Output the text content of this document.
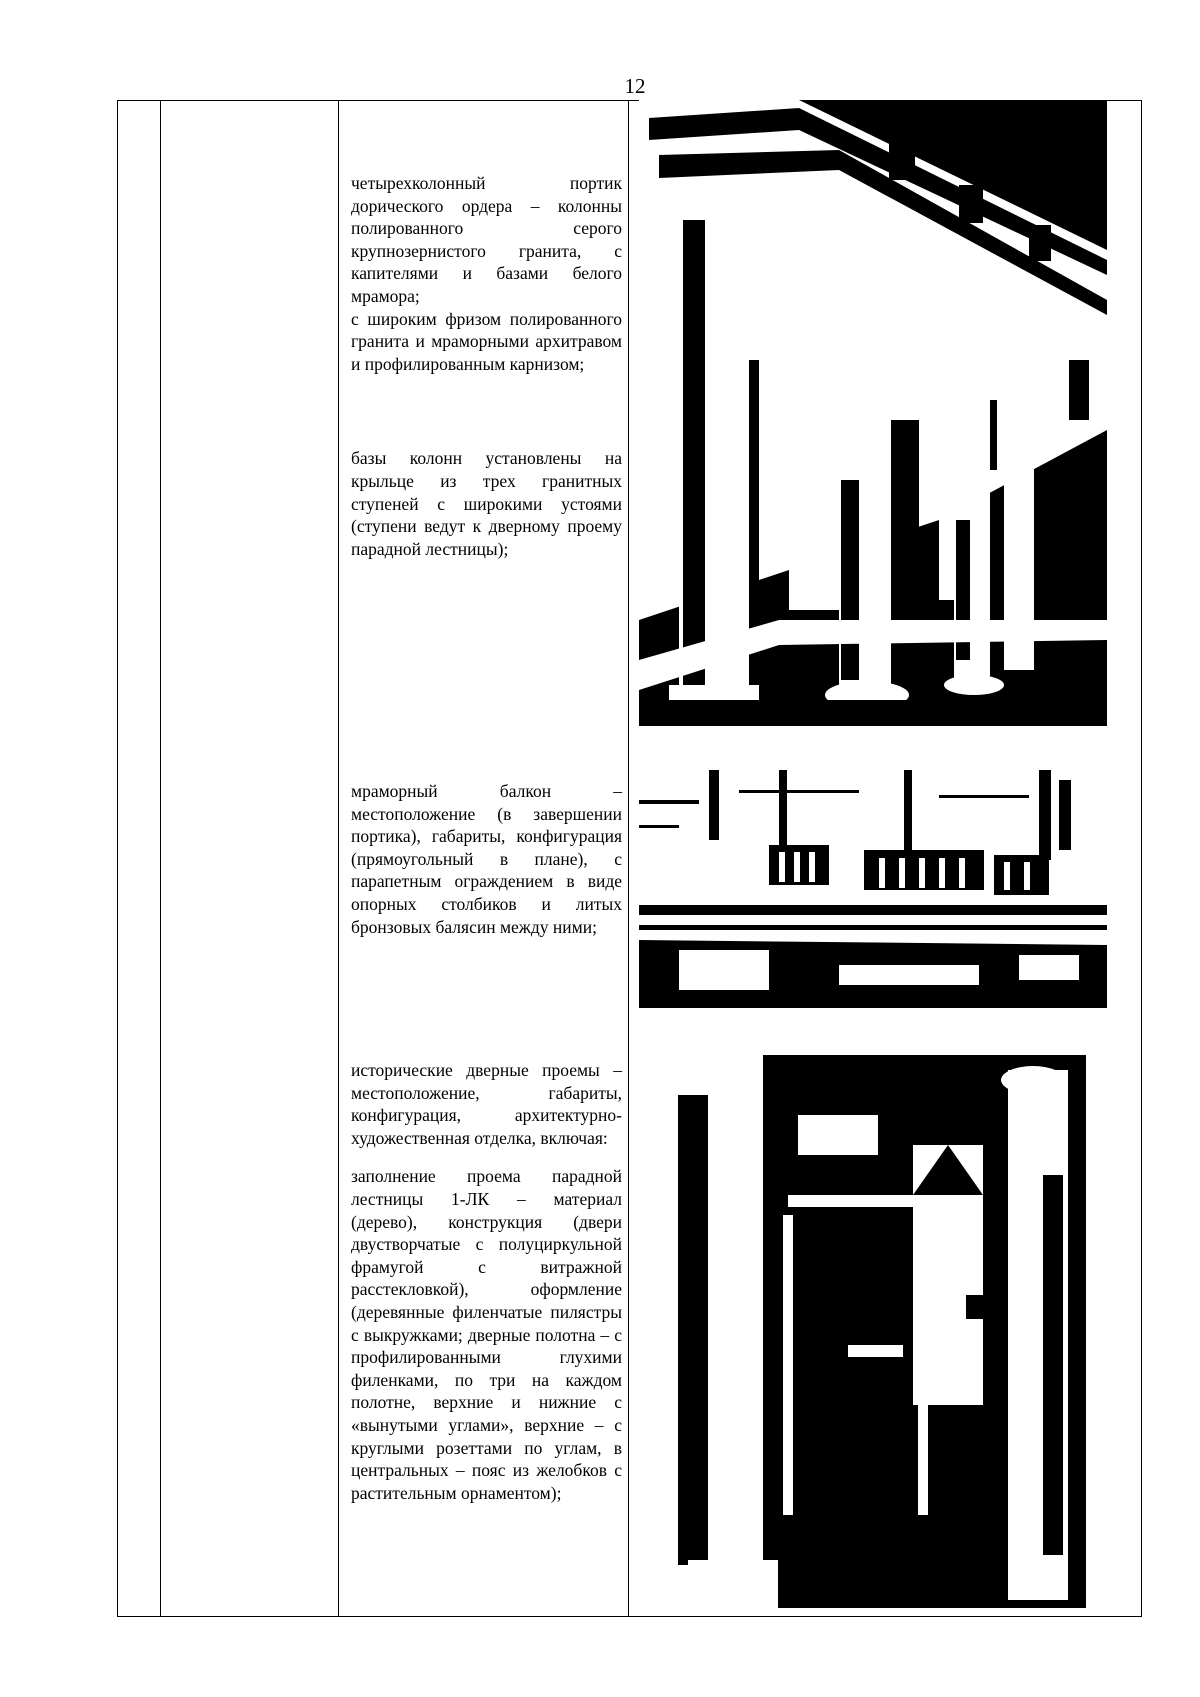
12

четырехколонный портик дорического ордера – колонны полированного серого крупнозернистого гранита, с капителями и базами белого мрамора;

с широким фризом полированного гранита и мраморными архитравом и профилированным карнизом;

базы колонн установлены на крыльце из трех гранитных ступеней с широкими устоями (ступени ведут к дверному проему парадной лестницы);

мраморный балкон – местоположение (в завершении портика), габариты, конфигурация (прямоугольный в плане), с парапетным ограждением в виде опорных столбиков и литых бронзовых балясин между ними;

исторические дверные проемы – местоположение, габариты, конфигурация, архитектурно-художественная отделка, включая:

заполнение проема парадной лестницы 1-ЛК – материал (дерево), конструкция (двери двустворчатые с полуциркульной фрамугой с витражной расстекловкой), оформление (деревянные филенчатые пилястры с выкружками; дверные полотна – с профилированными глухими филенками, по три на каждом полотне, верхние и нижние с «вынутыми углами», верхние – с круглыми розеттами по углам, в центральных – пояс из желобков с растительным орнаментом);
